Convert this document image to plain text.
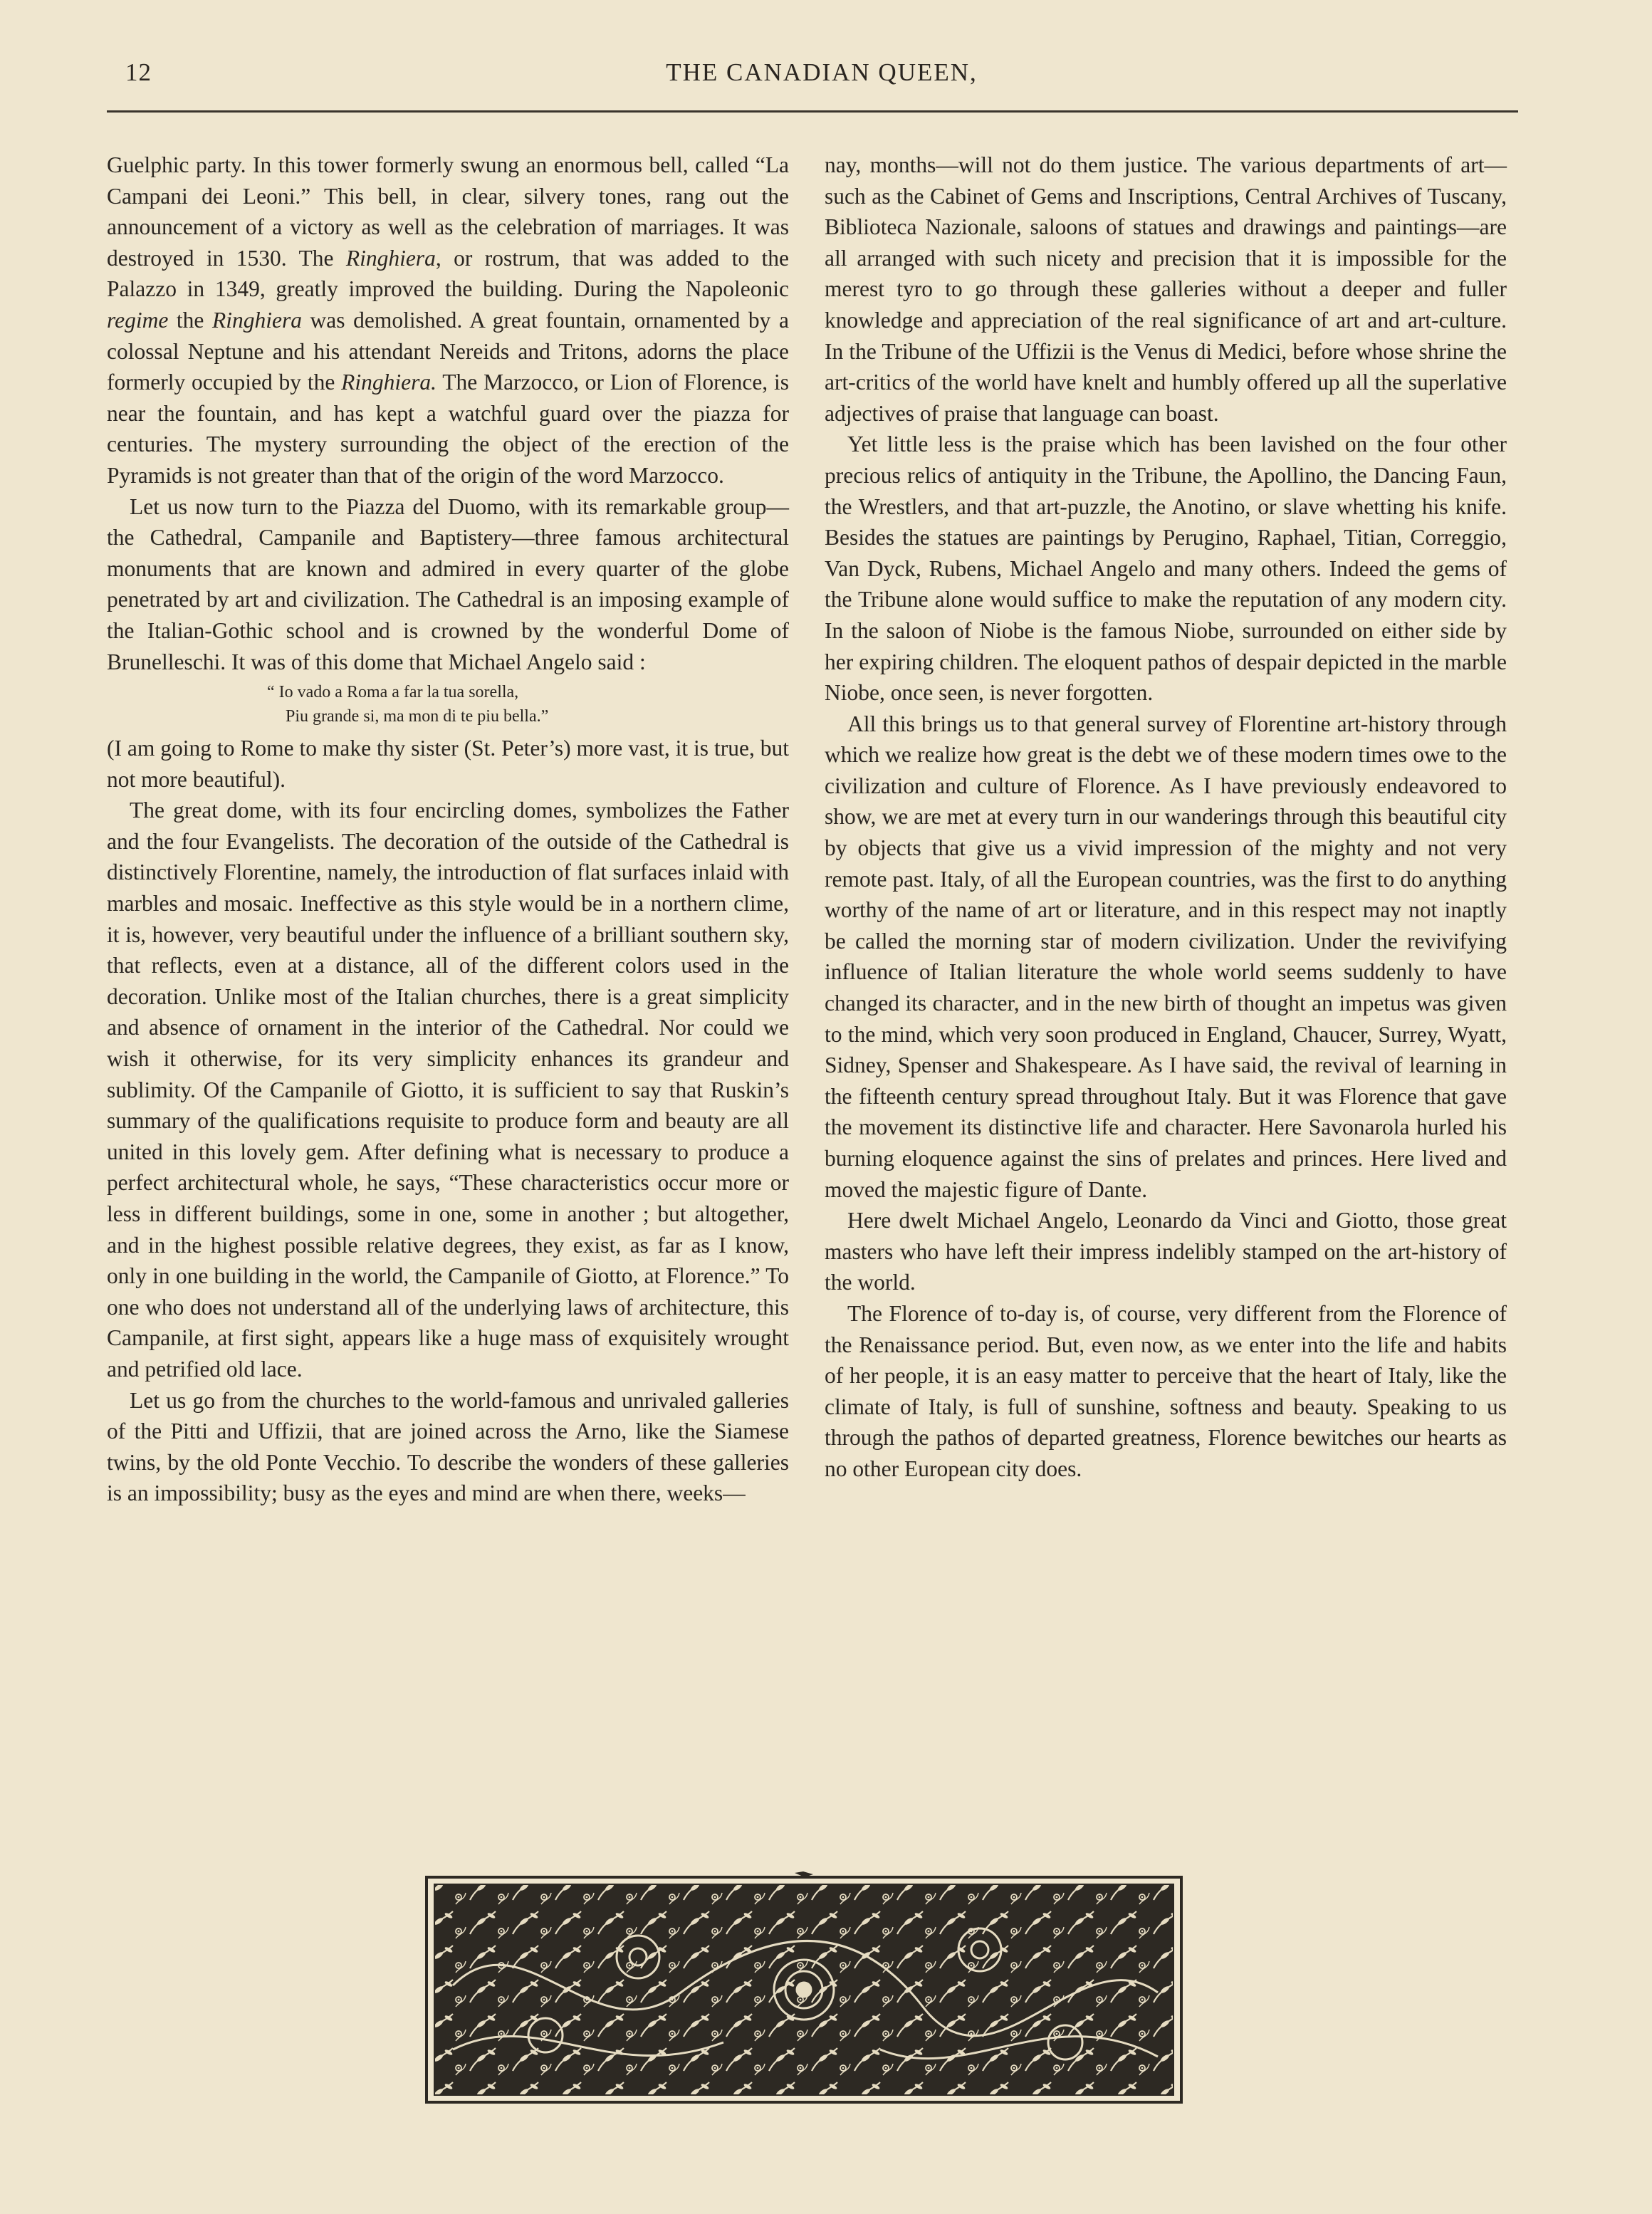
12	THE CANADIAN QUEEN,

Guelphic party. In this tower formerly swung an enormous bell, called “La Campani dei Leoni.” This bell, in clear, silvery tones, rang out the announcement of a victory as well as the celebration of marriages. It was destroyed in 1530. The Ringhiera, or rostrum, that was added to the Palazzo in 1349, greatly improved the building. During the Napoleonic regime the Ringhiera was demolished. A great fountain, ornamented by a colossal Neptune and his attendant Nereids and Tritons, adorns the place formerly occupied by the Ringhiera. The Marzocco, or Lion of Florence, is near the fountain, and has kept a watchful guard over the piazza for centuries. The mystery surrounding the object of the erection of the Pyramids is not greater than that of the origin of the word Marzocco.

Let us now turn to the Piazza del Duomo, with its remarkable group—the Cathedral, Campanile and Baptistery—three famous architectural monuments that are known and admired in every quarter of the globe penetrated by art and civilization. The Cathedral is an imposing example of the Italian-Gothic school and is crowned by the wonderful Dome of Brunelleschi. It was of this dome that Michael Angelo said :

“ Io vado a Roma a far la tua sorella,
Piu grande si, ma mon di te piu bella.”

(I am going to Rome to make thy sister (St. Peter’s) more vast, it is true, but not more beautiful).

The great dome, with its four encircling domes, symbolizes the Father and the four Evangelists. The decoration of the outside of the Cathedral is distinctively Florentine, namely, the introduction of flat surfaces inlaid with marbles and mosaic. Ineffective as this style would be in a northern clime, it is, however, very beautiful under the influence of a brilliant southern sky, that reflects, even at a distance, all of the different colors used in the decoration. Unlike most of the Italian churches, there is a great simplicity and absence of ornament in the interior of the Cathedral. Nor could we wish it otherwise, for its very simplicity enhances its grandeur and sublimity. Of the Campanile of Giotto, it is sufficient to say that Ruskin’s summary of the qualifications requisite to produce form and beauty are all united in this lovely gem. After defining what is necessary to produce a perfect architectural whole, he says, “These characteristics occur more or less in different buildings, some in one, some in another ; but altogether, and in the highest possible relative degrees, they exist, as far as I know, only in one building in the world, the Campanile of Giotto, at Florence.” To one who does not understand all of the underlying laws of architecture, this Campanile, at first sight, appears like a huge mass of exquisitely wrought and petrified old lace.

Let us go from the churches to the world-famous and unrivaled galleries of the Pitti and Uffizii, that are joined across the Arno, like the Siamese twins, by the old Ponte Vecchio. To describe the wonders of these galleries is an impossibility; busy as the eyes and mind are when there, weeks—

nay, months—will not do them justice. The various departments of art—such as the Cabinet of Gems and Inscriptions, Central Archives of Tuscany, Biblioteca Nazionale, saloons of statues and drawings and paintings—are all arranged with such nicety and precision that it is impossible for the merest tyro to go through these galleries without a deeper and fuller knowledge and appreciation of the real significance of art and art-culture. In the Tribune of the Uffizii is the Venus di Medici, before whose shrine the art-critics of the world have knelt and humbly offered up all the superlative adjectives of praise that language can boast.

Yet little less is the praise which has been lavished on the four other precious relics of antiquity in the Tribune, the Apollino, the Dancing Faun, the Wrestlers, and that art-puzzle, the Anotino, or slave whetting his knife. Besides the statues are paintings by Perugino, Raphael, Titian, Correggio, Van Dyck, Rubens, Michael Angelo and many others. Indeed the gems of the Tribune alone would suffice to make the reputation of any modern city. In the saloon of Niobe is the famous Niobe, surrounded on either side by her expiring children. The eloquent pathos of despair depicted in the marble Niobe, once seen, is never forgotten.

All this brings us to that general survey of Florentine art-history through which we realize how great is the debt we of these modern times owe to the civilization and culture of Florence. As I have previously endeavored to show, we are met at every turn in our wanderings through this beautiful city by objects that give us a vivid impression of the mighty and not very remote past. Italy, of all the European countries, was the first to do anything worthy of the name of art or literature, and in this respect may not inaptly be called the morning star of modern civilization. Under the revivifying influence of Italian literature the whole world seems suddenly to have changed its character, and in the new birth of thought an impetus was given to the mind, which very soon produced in England, Chaucer, Surrey, Wyatt, Sidney, Spenser and Shakespeare. As I have said, the revival of learning in the fifteenth century spread throughout Italy. But it was Florence that gave the movement its distinctive life and character. Here Savonarola hurled his burning eloquence against the sins of prelates and princes. Here lived and moved the majestic figure of Dante.

Here dwelt Michael Angelo, Leonardo da Vinci and Giotto, those great masters who have left their impress indelibly stamped on the art-history of the world.

The Florence of to-day is, of course, very different from the Florence of the Renaissance period. But, even now, as we enter into the life and habits of her people, it is an easy matter to perceive that the heart of Italy, like the climate of Italy, is full of sunshine, softness and beauty. Speaking to us through the pathos of departed greatness, Florence bewitches our hearts as no other European city does.
